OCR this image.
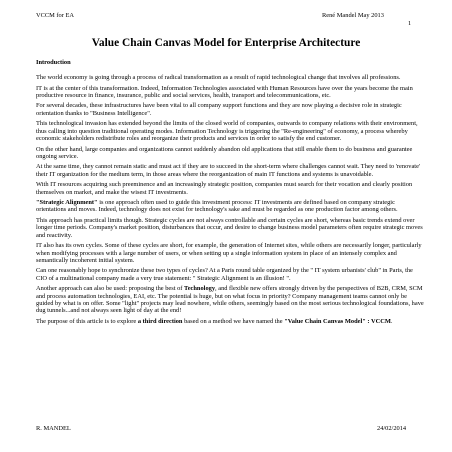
VCCM for EA	René Mandel May 2013
1
Value Chain Canvas Model for Enterprise Architecture
Introduction

The world economy is going through a process of radical transformation as a result of rapid technological change that involves all professions.

IT is at the center of this transformation. Indeed, Information Technologies associated with Human Resources have over the years become the main productive resource in finance, insurance, public and social services, health, transport and telecommunications, etc.

For several decades, these infrastructures have been vital to all company support functions and they are now playing a decisive role in strategic orientation thanks to "Business Intelligence".

This technological invasion has extended beyond the limits of the closed world of companies, outwards to company relations with their environment, thus calling into question traditional operating modes. Information Technology is triggering the "Re-engineering" of economy, a process whereby economic stakeholders redistribute roles and reorganize their products and services in order to satisfy the end customer.

On the other hand, large companies and organizations cannot suddenly abandon old applications that still enable them to do business and guarantee ongoing service.

At the same time, they cannot remain static and must act if they are to succeed in the short-term where challenges cannot wait. They need to 'renovate' their IT organization for the medium term, in those areas where the reorganization of main IT functions and systems is unavoidable.

With IT resources acquiring such preeminence and an increasingly strategic position, companies must search for their vocation and clearly position themselves on market, and make the wisest IT investments.

"Strategic Alignment" is one approach often used to guide this investment process: IT investments are defined based on company strategic orientations and moves. Indeed, technology does not exist for technology's sake and must be regarded as one production factor among others.

This approach has practical limits though. Strategic cycles are not always controllable and certain cycles are short, whereas basic trends extend over longer time periods. Company's market position, disturbances that occur, and desire to change business model parameters often require strategic moves and reactivity.

IT also has its own cycles. Some of these cycles are short, for example, the generation of Internet sites, while others are necessarily longer, particularly when modifying processes with a large number of users, or when setting up a single information system in place of an intensely complex and semantically incoherent initial system.

Can one reasonably hope to synchronize these two types of cycles? At a Paris round table organized by the " IT system urbanists' club" in Paris, the CIO of a multinational company made a very true statement: " Strategic Alignment is an illusion! ".

Another approach can also be used: proposing the best of Technology, and flexible new offers strongly driven by the perspectives of B2B, CRM, SCM and process automation technologies, EAI, etc. The potential is huge, but on what focus in priority? Company management teams cannot only be guided by what is on offer. Some "light" projects may lead nowhere, while others, seemingly based on the most serious technological foundations, have dug tunnels...and not always seen light of day at the end!

The purpose of this article is to explore a third direction based on a method we have named the "Value Chain Canvas Model" : VCCM.

R. MANDEL	24/02/2014
